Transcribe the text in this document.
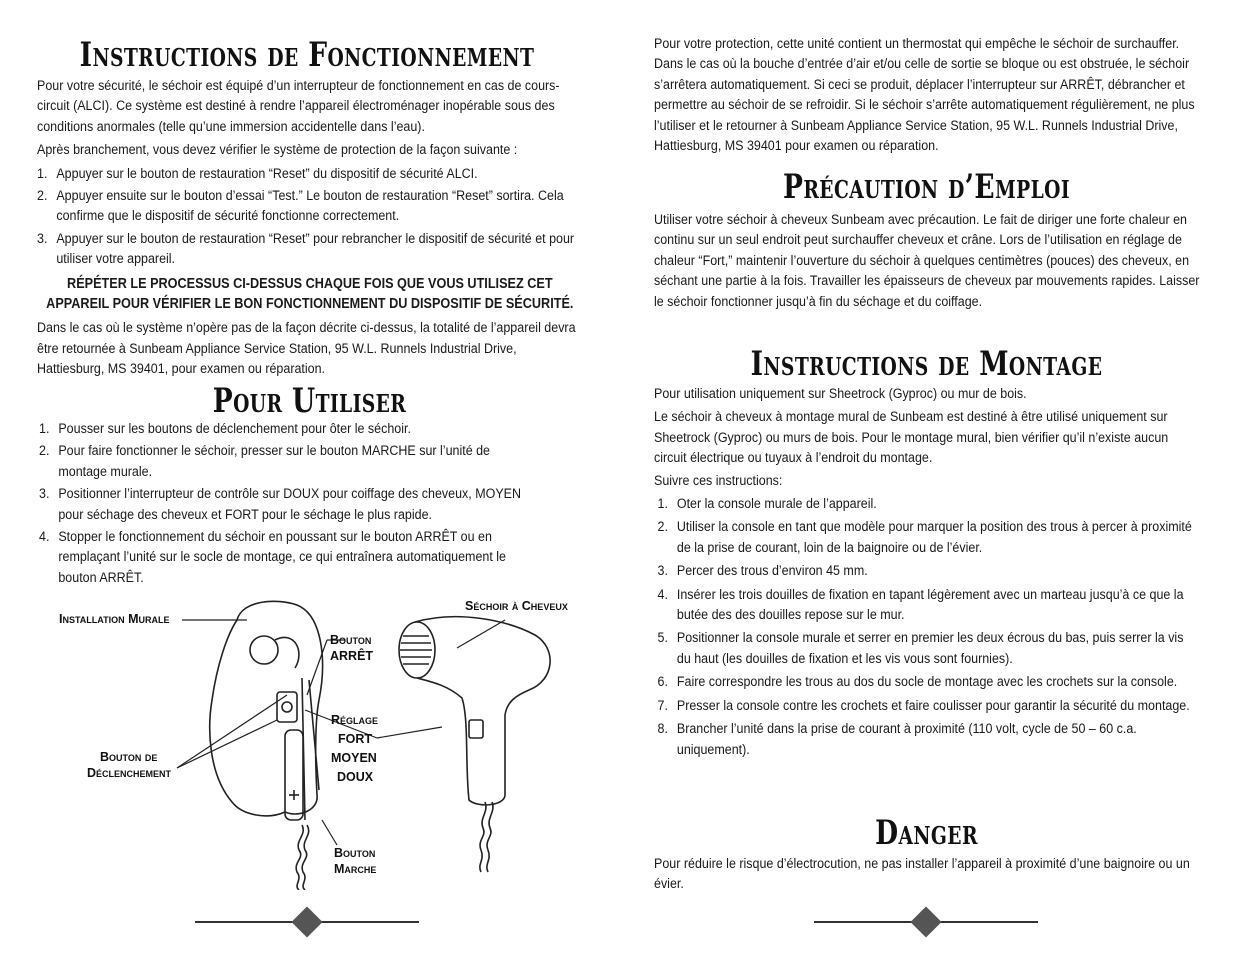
Instructions de Fonctionnement

Pour votre sécurité, le séchoir est équipé d’un interrupteur de fonctionnement en cas de cours-circuit (ALCI). Ce système est destiné à rendre l’appareil électroménager inopérable sous des conditions anormales (telle qu’une immersion accidentelle dans l’eau).

Après branchement, vous devez vérifier le système de protection de la façon suivante :

1. Appuyer sur le bouton de restauration “Reset” du dispositif de sécurité ALCI.
2. Appuyer ensuite sur le bouton d’essai “Test.” Le bouton de restauration “Reset” sortira. Cela confirme que le dispositif de sécurité fonctionne correctement.
3. Appuyer sur le bouton de restauration “Reset” pour rebrancher le dispositif de sécurité et pour utiliser votre appareil.

RÉPÉTER LE PROCESSUS CI-DESSUS CHAQUE FOIS QUE VOUS UTILISEZ CET APPAREIL POUR VÉRIFIER LE BON FONCTIONNEMENT DU DISPOSITIF DE SÉCURITÉ.

Dans le cas où le système n’opère pas de la façon décrite ci-dessus, la totalité de l’appareil devra être retournée à Sunbeam Appliance Service Station, 95 W.L. Runnels Industrial Drive, Hattiesburg, MS 39401, pour examen ou réparation.

Pour Utiliser
1. Pousser sur les boutons de déclenchement pour ôter le séchoir.
2. Pour faire fonctionner le séchoir, presser sur le bouton MARCHE sur l’unité de montage murale.
3. Positionner l’interrupteur de contrôle sur DOUX pour coiffage des cheveux, MOYEN pour séchage des cheveux et FORT pour le séchage le plus rapide.
4. Stopper le fonctionnement du séchoir en poussant sur le bouton ARRÊT ou en remplaçant l’unité sur le socle de montage, ce qui entraînera automatiquement le bouton ARRÊT.
Installation Murale
Bouton
ARRÊT
Réglage
FORT
MOYEN
DOUX
Bouton de
Déclenchement
Bouton
Marche
Séchoir à Cheveux

Pour votre protection, cette unité contient un thermostat qui empêche le séchoir de surchauffer. Dans le cas où la bouche d’entrée d’air et/ou celle de sortie se bloque ou est obstruée, le séchoir s’arrêtera automatiquement. Si ceci se produit, déplacer l’interrupteur sur ARRÊT, débrancher et permettre au séchoir de se refroidir. Si le séchoir s’arrête automatiquement régulièrement, ne plus l’utiliser et le retourner à Sunbeam Appliance Service Station, 95 W.L. Runnels Industrial Drive, Hattiesburg, MS 39401 pour examen ou réparation.

Précaution d’Emploi

Utiliser votre séchoir à cheveux Sunbeam avec précaution. Le fait de diriger une forte chaleur en continu sur un seul endroit peut surchauffer cheveux et crâne. Lors de l’utilisation en réglage de chaleur “Fort,” maintenir l’ouverture du séchoir à quelques centimètres (pouces) des cheveux, en séchant une partie à la fois. Travailler les épaisseurs de cheveux par mouvements rapides. Laisser le séchoir fonctionner jusqu’à fin du séchage et du coiffage.

Instructions de Montage

Pour utilisation uniquement sur Sheetrock (Gyproc) ou mur de bois.

Le séchoir à cheveux à montage mural de Sunbeam est destiné à être utilisé uniquement sur Sheetrock (Gyproc) ou murs de bois. Pour le montage mural, bien vérifier qu’il n’existe aucun circuit électrique ou tuyaux à l’endroit du montage.

Suivre ces instructions:

1. Oter la console murale de l’appareil.
2. Utiliser la console en tant que modèle pour marquer la position des trous à percer à proximité de la prise de courant, loin de la baignoire ou de l’évier.
3. Percer des trous d’environ 45 mm.
4. Insérer les trois douilles de fixation en tapant légèrement avec un marteau jusqu’à ce que la butée des des douilles repose sur le mur.
5. Positionner la console murale et serrer en premier les deux écrous du bas, puis serrer la vis du haut (les douilles de fixation et les vis vous sont fournies).
6. Faire correspondre les trous au dos du socle de montage avec les crochets sur la console.
7. Presser la console contre les crochets et faire coulisser pour garantir la sécurité du montage.
8. Brancher l’unité dans la prise de courant à proximité (110 volt, cycle de 50 – 60 c.a. uniquement).
Danger

Pour réduire le risque d’électrocution, ne pas installer l’appareil à proximité d’une baignoire ou un évier.
